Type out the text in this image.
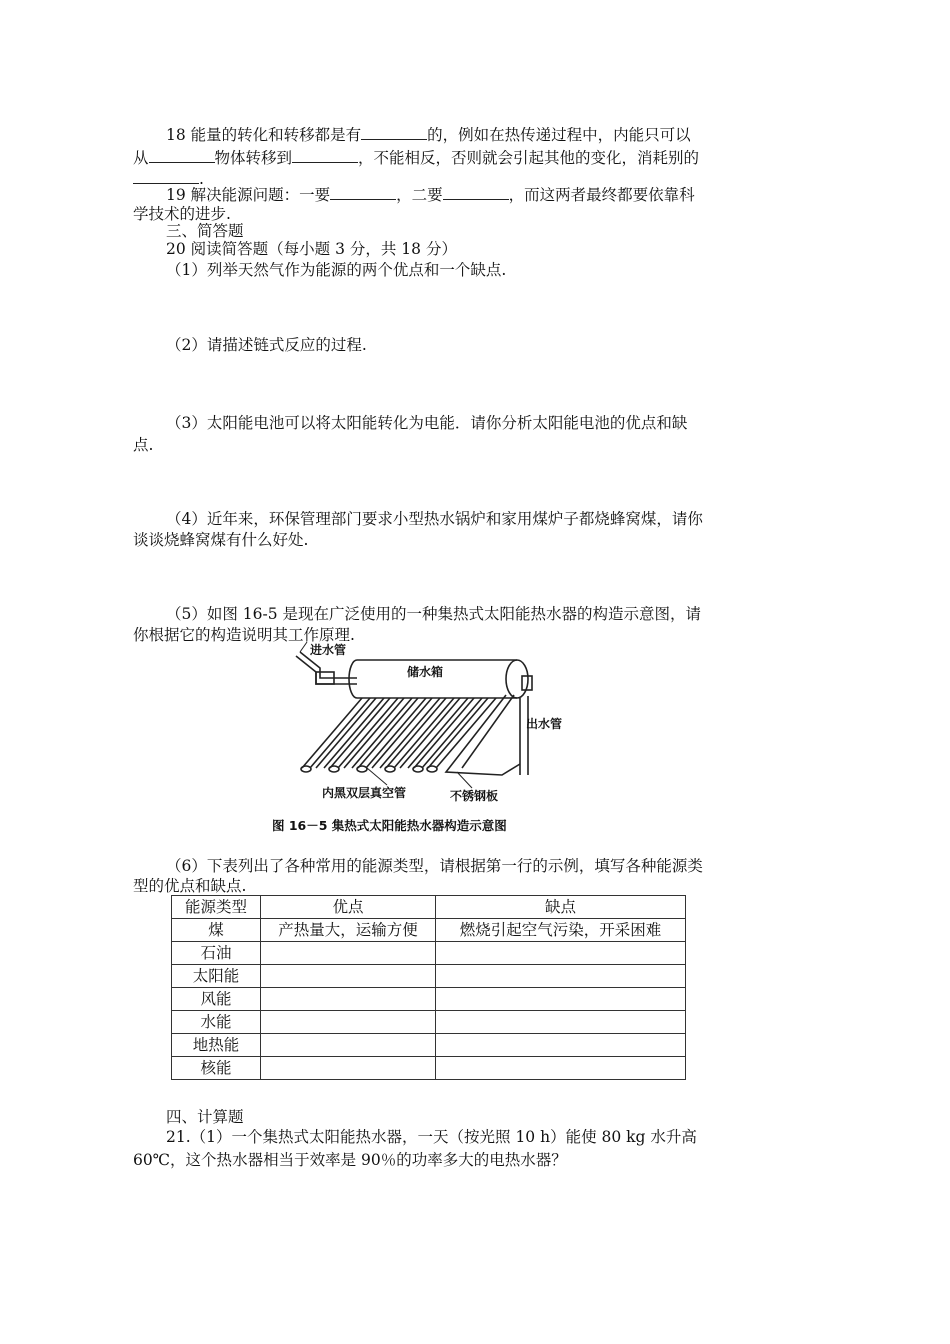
18 能量的转化和转移都是有	的，例如在热传递过程中，内能只可以
从	物体转移到	，不能相反，否则就会引起其他的变化，消耗别的
.
19 解决能源问题：一要	，二要	，而这两者最终都要依靠科
学技术的进步.
三、简答题
20 阅读简答题（每小题 3 分，共 18 分）
（1）列举天然气作为能源的两个优点和一个缺点.
（2）请描述链式反应的过程.
（3）太阳能电池可以将太阳能转化为电能．请你分析太阳能电池的优点和缺
点.
（4）近年来，环保管理部门要求小型热水锅炉和家用煤炉子都烧蜂窝煤，请你
谈谈烧蜂窝煤有什么好处.
（5）如图 16-5 是现在广泛使用的一种集热式太阳能热水器的构造示意图，请
你根据它的构造说明其工作原理.
进水管
储水箱
出水管
内黑双层真空管	不锈钢板
图 16－5 集热式太阳能热水器构造示意图
（6）下表列出了各种常用的能源类型，请根据第一行的示例，填写各种能源类
型的优点和缺点.
能源类型	优点	缺点
煤	产热量大，运输方便	燃烧引起空气污染，开采困难
石油		
太阳能		
风能		
水能		
地热能		
核能		
四、计算题
21.（1）一个集热式太阳能热水器，一天（按光照 10 h）能使 80 kg 水升高
60℃，这个热水器相当于效率是 90％的功率多大的电热水器？
